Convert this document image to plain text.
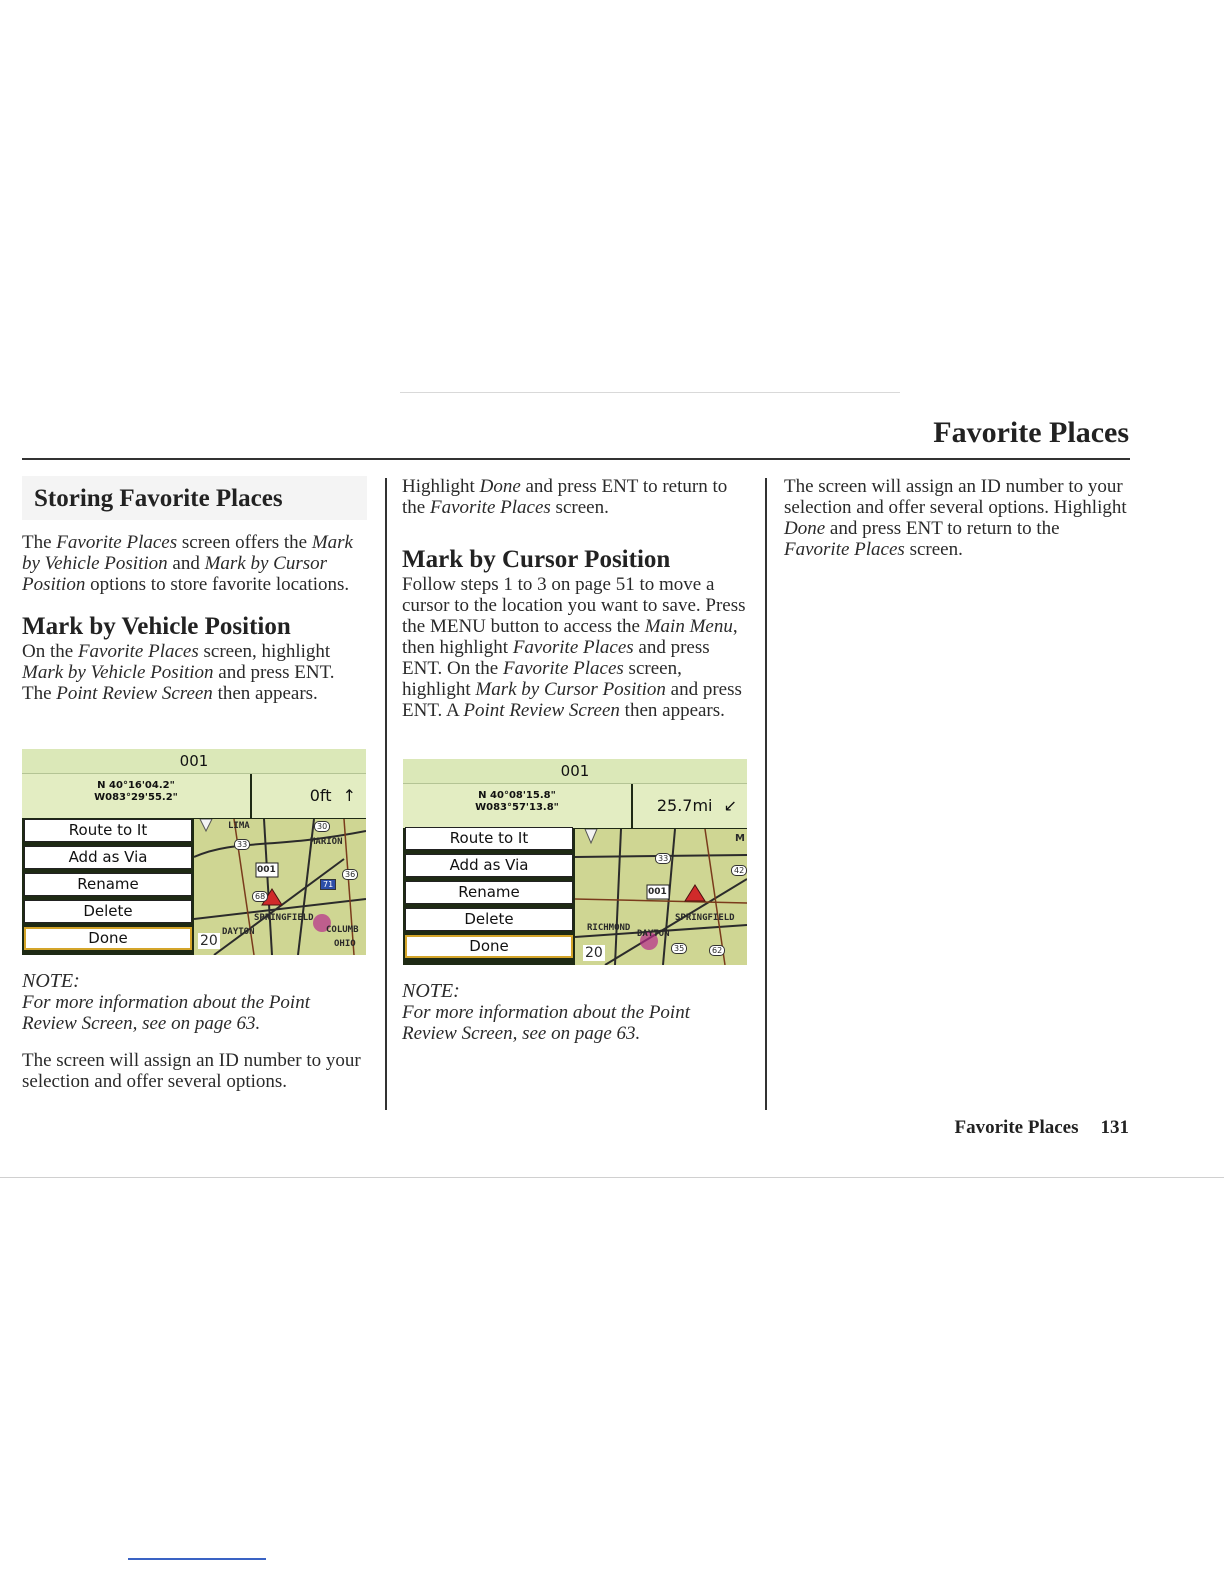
Favorite Places
Storing Favorite Places

The Favorite Places screen offers the Mark by Vehicle Position and Mark by Cursor Position options to store favorite locations.

Mark by Vehicle Position

On the Favorite Places screen, highlight Mark by Vehicle Position and press ENT. The Point Review Screen then appears.

001
N 40°16'04.2"
W083°29'55.2"	0ft ↑
001
LIMA
MARION
SPRINGFIELD
DAYTON	COLUMB
OHIO
20
33
30
68
71
36
Route to It
Add as Via
Rename
Delete
Done
NOTE:
For more information about the Point Review Screen, see on page 63.

The screen will assign an ID number to your selection and offer several options.

Highlight Done and press ENT to return to the Favorite Places screen.

Mark by Cursor Position

Follow steps 1 to 3 on page 51 to move a cursor to the location you want to save. Press the MENU button to access the Main Menu, then highlight Favorite Places and press ENT. On the Favorite Places screen, highlight Mark by Cursor Position and press ENT. A Point Review Screen then appears.

001
N 40°08'15.8"
W083°57'13.8"	25.7mi ↙
001
SPRINGFIELD
RICHMOND
DAYTON
20
M
33
35	62
42
Route to It
Add as Via
Rename
Delete
Done
NOTE:
For more information about the Point Review Screen, see on page 63.

The screen will assign an ID number to your selection and offer several options. Highlight Done and press ENT to return to the Favorite Places screen.

Favorite Places 131
